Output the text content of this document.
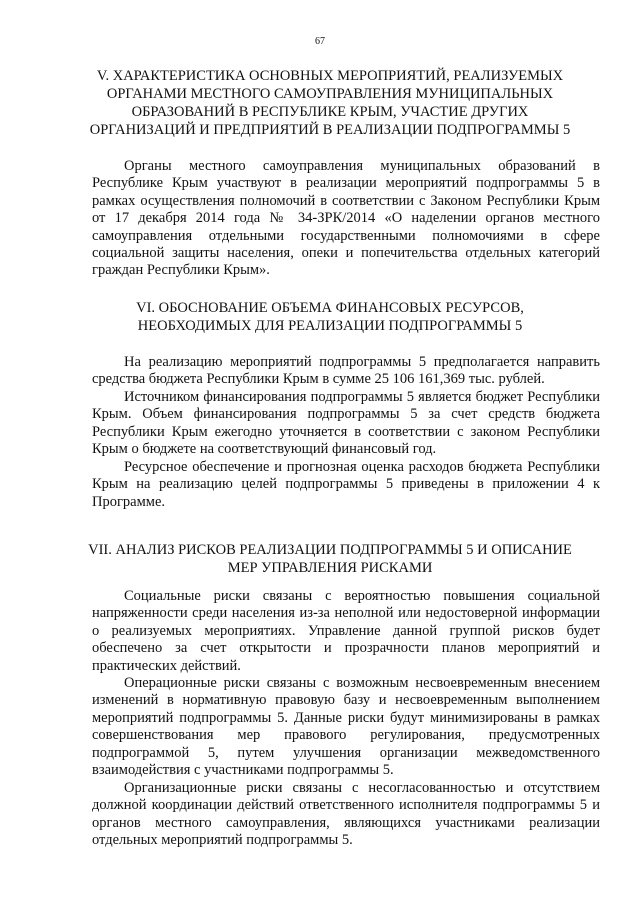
67
V. ХАРАКТЕРИСТИКА ОСНОВНЫХ МЕРОПРИЯТИЙ, РЕАЛИЗУЕМЫХ ОРГАНАМИ МЕСТНОГО САМОУПРАВЛЕНИЯ МУНИЦИПАЛЬНЫХ ОБРАЗОВАНИЙ В РЕСПУБЛИКЕ КРЫМ, УЧАСТИЕ ДРУГИХ ОРГАНИЗАЦИЙ И ПРЕДПРИЯТИЙ В РЕАЛИЗАЦИИ ПОДПРОГРАММЫ 5

Органы местного самоуправления муниципальных образований в Республике Крым участвуют в реализации мероприятий подпрограммы 5 в рамках осуществления полномочий в соответствии с Законом Республики Крым от 17 декабря 2014 года № 34-ЗРК/2014 «О наделении органов местного самоуправления отдельными государственными полномочиями в сфере социальной защиты населения, опеки и попечительства отдельных категорий граждан Республики Крым».

VI. ОБОСНОВАНИЕ ОБЪЕМА ФИНАНСОВЫХ РЕСУРСОВ, НЕОБХОДИМЫХ ДЛЯ РЕАЛИЗАЦИИ ПОДПРОГРАММЫ 5

На реализацию мероприятий подпрограммы 5 предполагается направить средства бюджета Республики Крым в сумме 25 106 161,369 тыс. рублей.

Источником финансирования подпрограммы 5 является бюджет Республики Крым. Объем финансирования подпрограммы 5 за счет средств бюджета Республики Крым ежегодно уточняется в соответствии с законом Республики Крым о бюджете на соответствующий финансовый год.

Ресурсное обеспечение и прогнозная оценка расходов бюджета Республики Крым на реализацию целей подпрограммы 5 приведены в приложении 4 к Программе.

VII. АНАЛИЗ РИСКОВ РЕАЛИЗАЦИИ ПОДПРОГРАММЫ 5 И ОПИСАНИЕ МЕР УПРАВЛЕНИЯ РИСКАМИ

Социальные риски связаны с вероятностью повышения социальной напряженности среди населения из-за неполной или недостоверной информации о реализуемых мероприятиях. Управление данной группой рисков будет обеспечено за счет открытости и прозрачности планов мероприятий и практических действий.

Операционные риски связаны с возможным несвоевременным внесением изменений в нормативную правовую базу и несвоевременным выполнением мероприятий подпрограммы 5. Данные риски будут минимизированы в рамках совершенствования мер правового регулирования, предусмотренных подпрограммой 5, путем улучшения организации межведомственного взаимодействия с участниками подпрограммы 5.

Организационные риски связаны с несогласованностью и отсутствием должной координации действий ответственного исполнителя подпрограммы 5 и органов местного самоуправления, являющихся участниками реализации отдельных мероприятий подпрограммы 5.
